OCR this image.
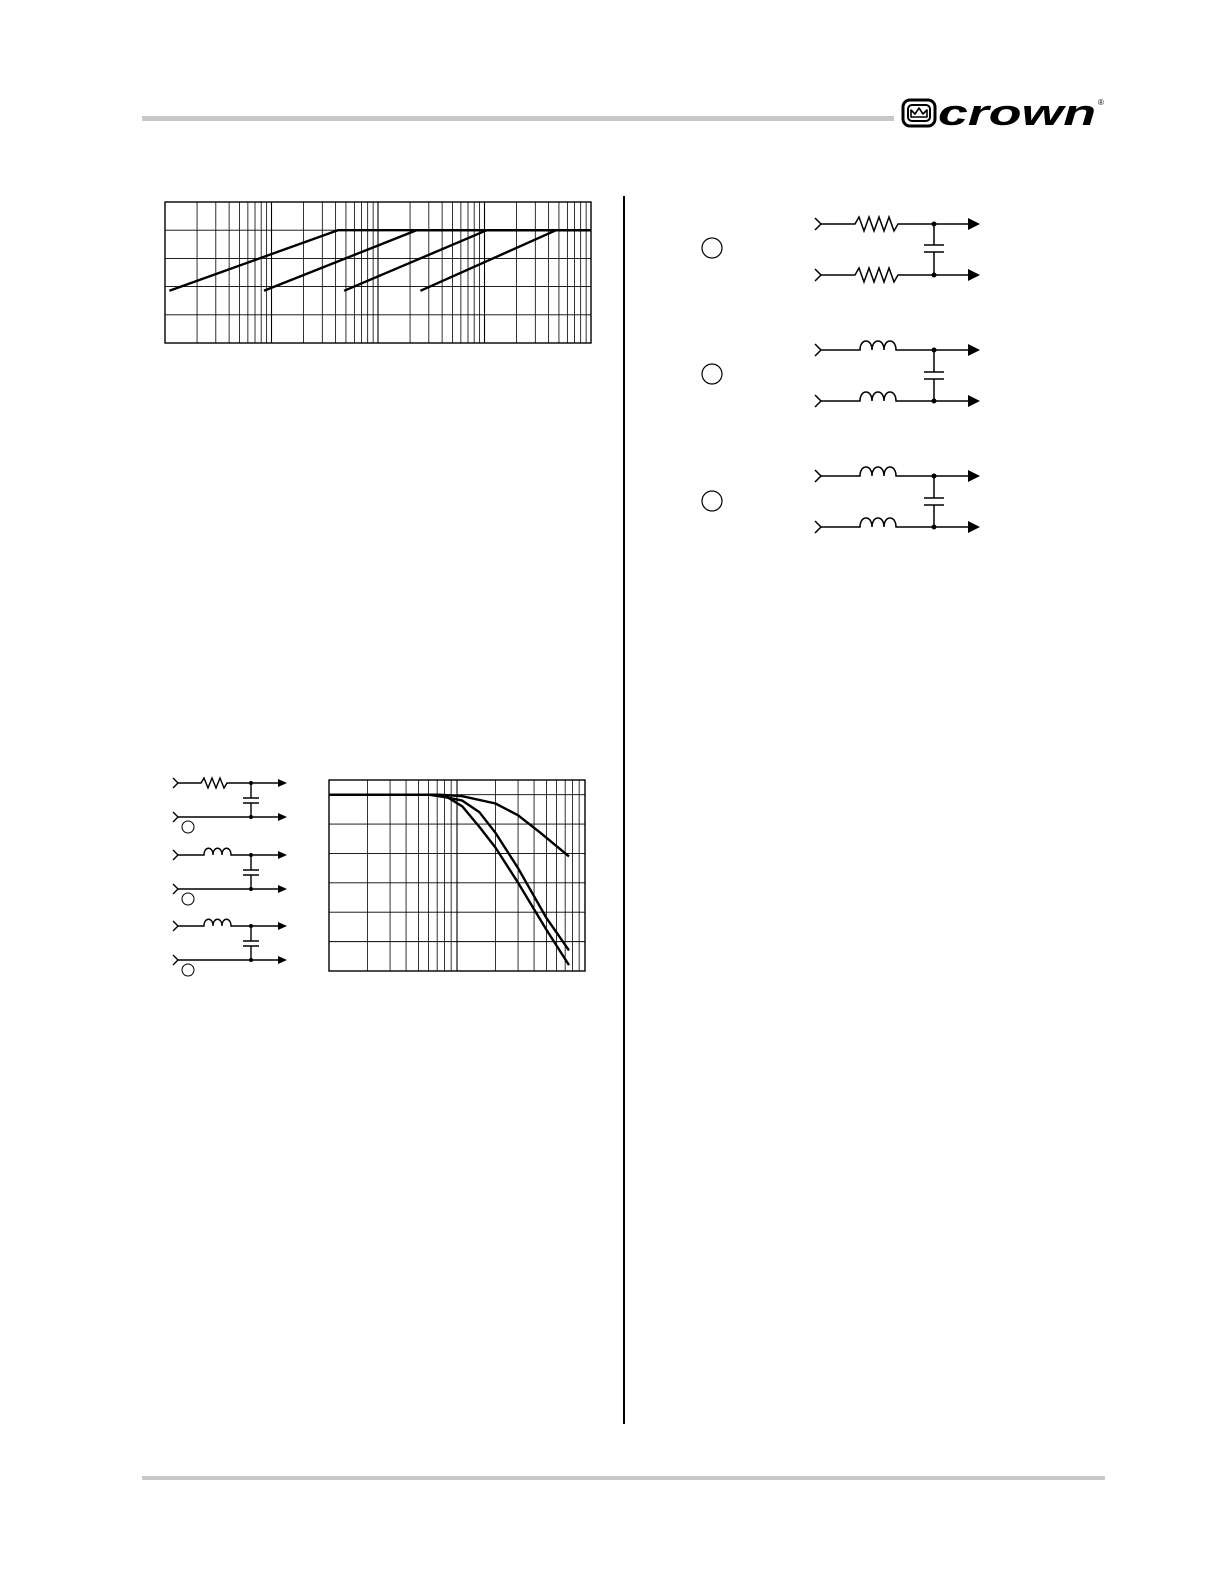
crown ®
